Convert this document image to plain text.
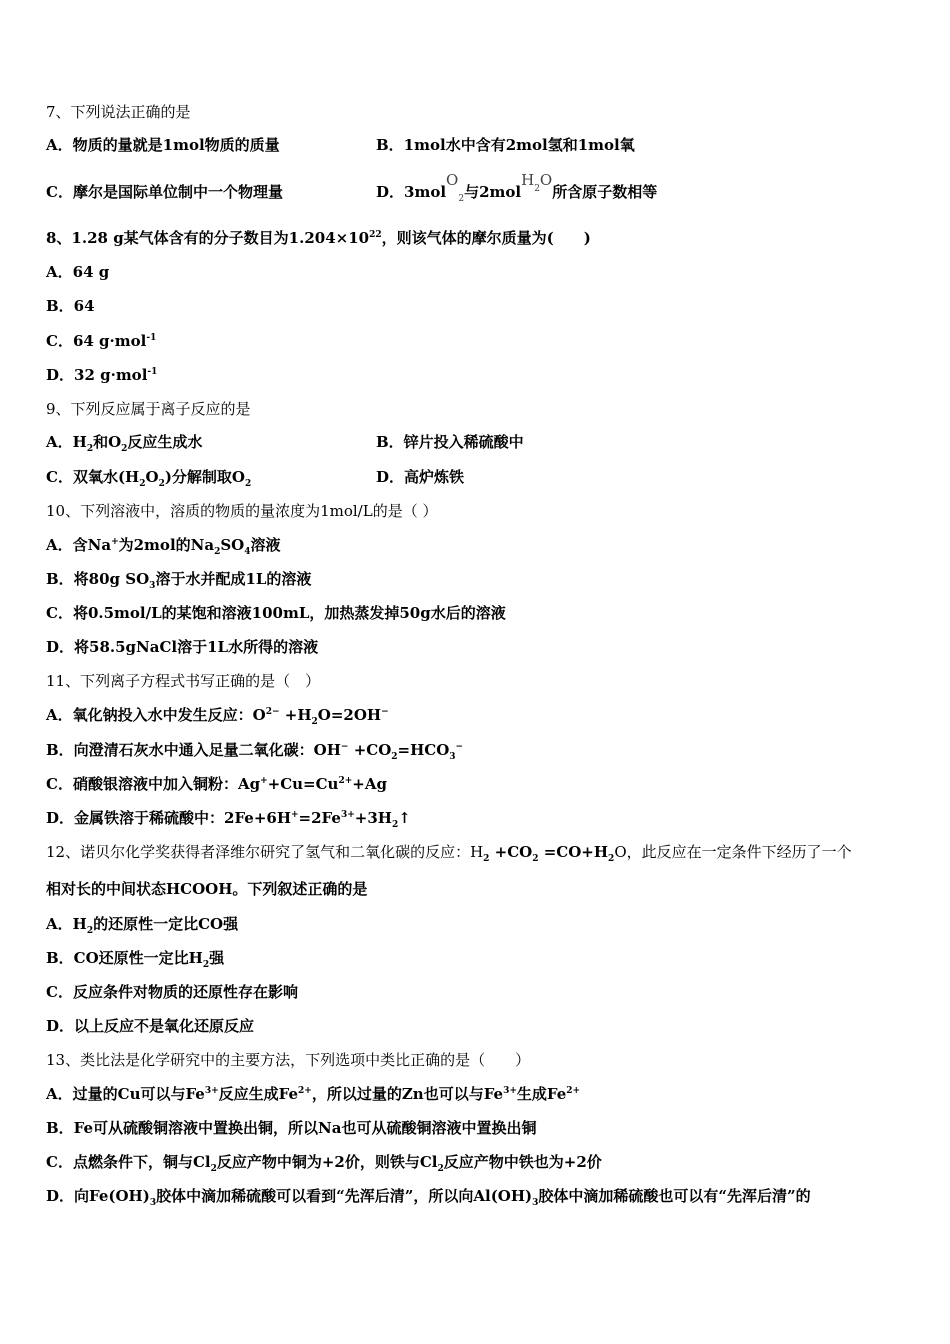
7、下列说法正确的是
A．物质的量就是1mol物质的质量	B．1mol水中含有2mol氢和1mol氧
C．摩尔是国际单位制中一个物理量	D．3molO$_2$与2molH$_2$O所含原子数相等
8、1.28 g某气体含有的分子数目为$1.204\times 10^{22}$，则该气体的摩尔质量为(　　)
A．64 g
B．64
C．64 g·mol$^{-1}$
D．32 g·mol$^{-1}$
9、下列反应属于离子反应的是
A．$H_2$和$O_2$反应生成水	B．锌片投入稀硫酸中
C．双氧水$(H_2O_2)$分解制取$O_2$	D．高炉炼铁
10、下列溶液中，溶质的物质的量浓度为1mol/L的是（ ）
A．含Na+为2mol的$Na_2SO_4$溶液
B．将80g $SO_3$溶于水并配成1L的溶液
C．将0.5mol/L的某饱和溶液100mL，加热蒸发掉50g水后的溶液
D．将58.5gNaCl溶于1L水所得的溶液
11、下列离子方程式书写正确的是（　）
A．氧化钠投入水中发生反应：$O^{2-} +H_2O=2OH^-$
B．向澄清石灰水中通入足量二氧化碳：$OH^- +CO_2=HCO_3^-$
C．硝酸银溶液中加入铜粉：$Ag^++Cu=Cu^{2+}+Ag$
D．金属铁溶于稀硫酸中：$2Fe+6H^+=2Fe^{3+}+3H_2↑$
12、诺贝尔化学奖获得者泽维尔研究了氢气和二氧化碳的反应：$H_2 +CO_2 =CO+H_2O$，此反应在一定条件下经历了一个
相对长的中间状态HCOOH。下列叙述正确的是
A．$H_2$的还原性一定比CO强
B．CO还原性一定比$H_2$强
C．反应条件对物质的还原性存在影响
D．以上反应不是氧化还原反应
13、类比法是化学研究中的主要方法，下列选项中类比正确的是（　　）
A．过量的Cu可以与$Fe^{3+}$反应生成$Fe^{2+}$，所以过量的Zn也可以与$Fe^{3+}$生成$Fe^{2+}$
B．Fe可从硫酸铜溶液中置换出铜，所以Na也可从硫酸铜溶液中置换出铜
C．点燃条件下，铜与$Cl_2$反应产物中铜为+2价，则铁与$Cl_2$反应产物中铁也为+2价
D．向$Fe(OH)_3$胶体中滴加稀硫酸可以看到“先浑后清”，所以向$Al(OH)_3$胶体中滴加稀硫酸也可以有“先浑后清”的
